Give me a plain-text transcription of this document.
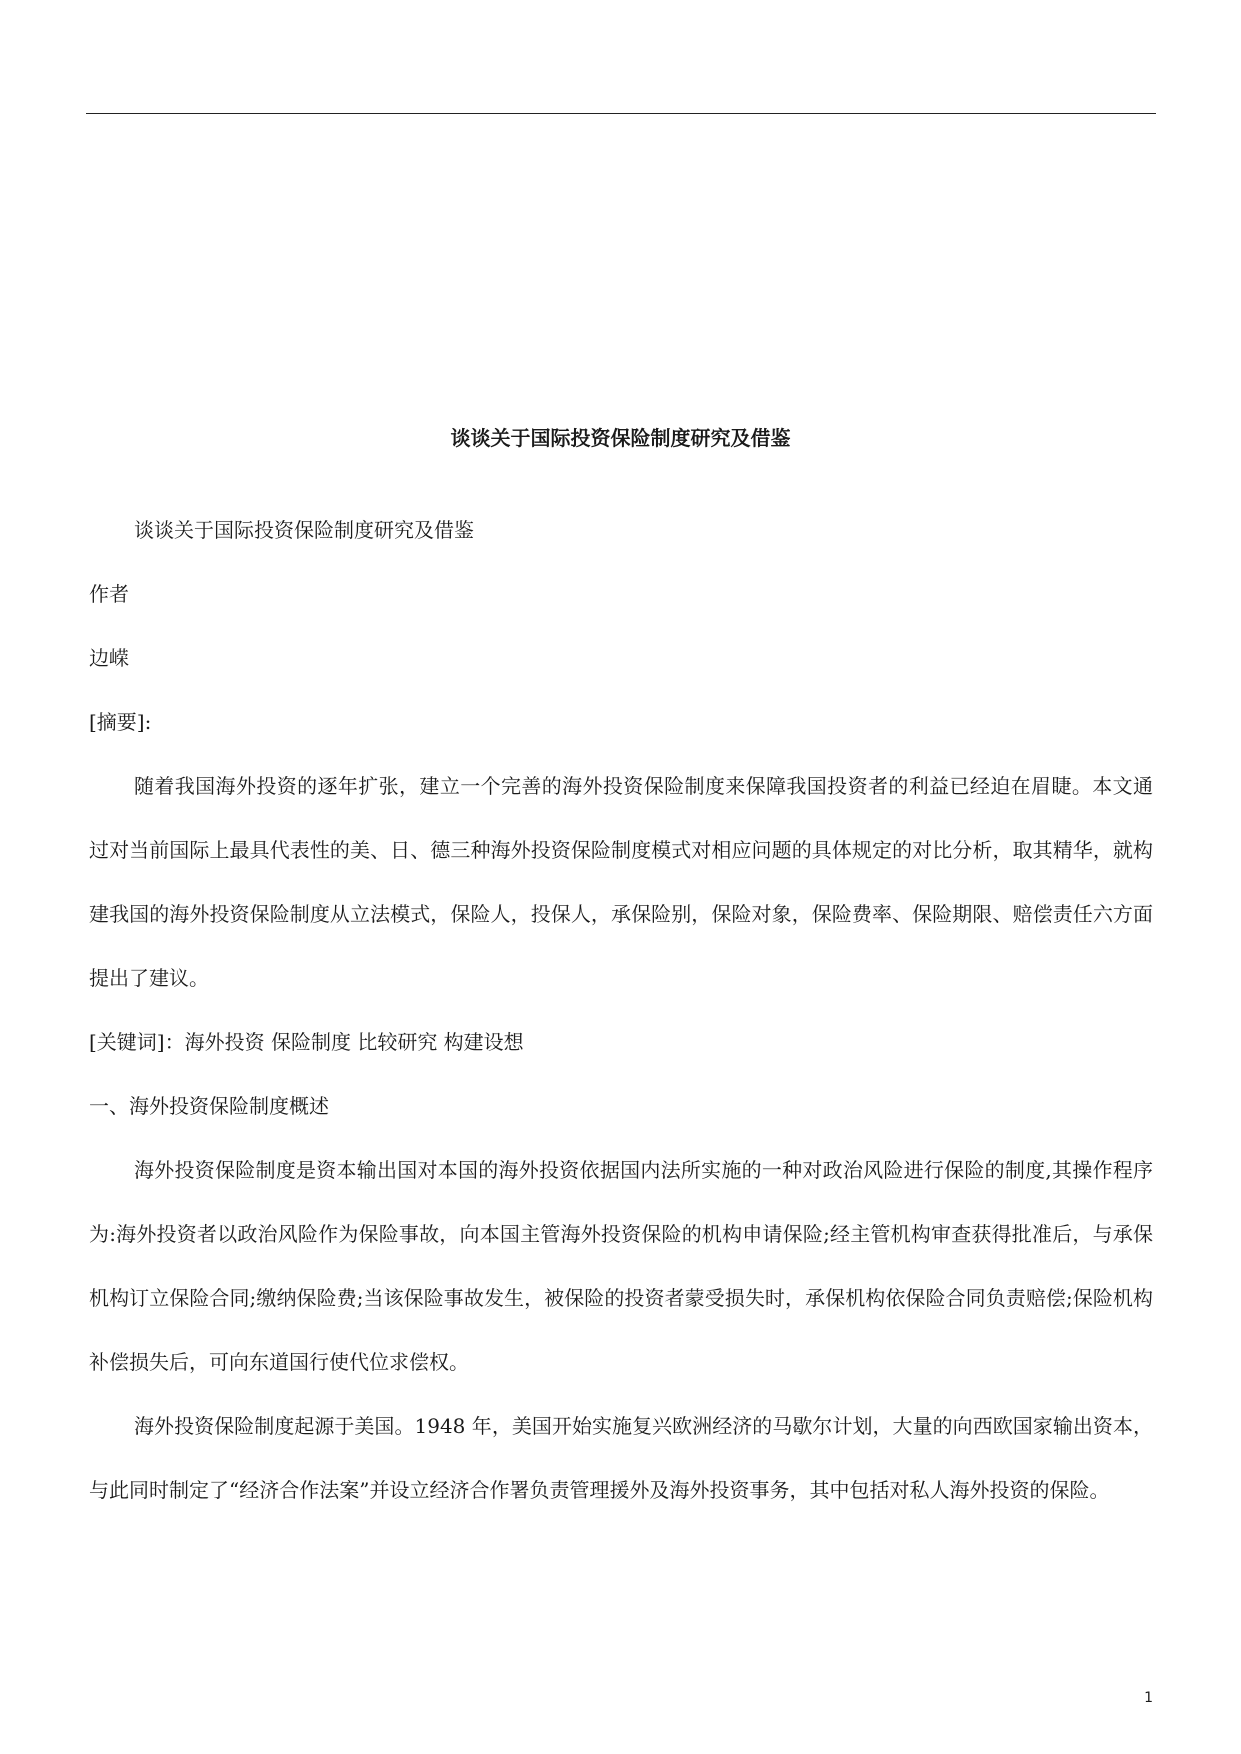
谈谈关于国际投资保险制度研究及借鉴

谈谈关于国际投资保险制度研究及借鉴

作者

边嵘

[摘要]:

随着我国海外投资的逐年扩张，建立一个完善的海外投资保险制度来保障我国投资者的利益已经迫在眉睫。本文通过对当前国际上最具代表性的美、日、德三种海外投资保险制度模式对相应问题的具体规定的对比分析，取其精华，就构建我国的海外投资保险制度从立法模式，保险人，投保人，承保险别，保险对象，保险费率、保险期限、赔偿责任六方面提出了建议。

[关键词]：海外投资 保险制度 比较研究 构建设想

一、海外投资保险制度概述

海外投资保险制度是资本输出国对本国的海外投资依据国内法所实施的一种对政治风险进行保险的制度,其操作程序为:海外投资者以政治风险作为保险事故，向本国主管海外投资保险的机构申请保险;经主管机构审查获得批准后，与承保机构订立保险合同;缴纳保险费;当该保险事故发生，被保险的投资者蒙受损失时，承保机构依保险合同负责赔偿;保险机构补偿损失后，可向东道国行使代位求偿权。

海外投资保险制度起源于美国。1948 年，美国开始实施复兴欧洲经济的马歇尔计划，大量的向西欧国家输出资本，与此同时制定了“经济合作法案”并设立经济合作署负责管理援外及海外投资事务，其中包括对私人海外投资的保险。

1
